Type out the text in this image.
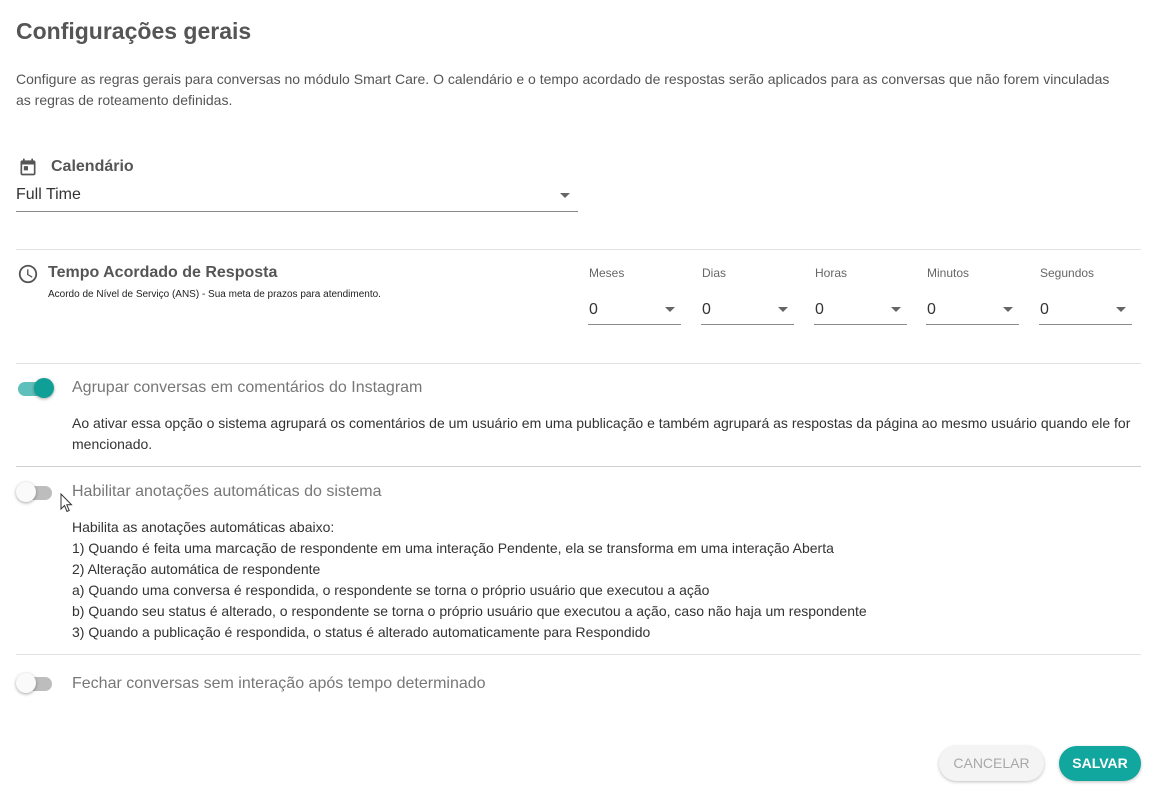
Configurações gerais
Configure as regras gerais para conversas no módulo Smart Care. O calendário e o tempo acordado de respostas serão aplicados para as conversas que não forem vinculadas as regras de roteamento definidas.
Calendário
Full Time
Tempo Acordado de Resposta
Acordo de Nível de Serviço (ANS) - Sua meta de prazos para atendimento.
Meses
0
Dias
0
Horas
0
Minutos
0
Segundos
0
Agrupar conversas em comentários do Instagram
Ao ativar essa opção o sistema agrupará os comentários de um usuário em uma publicação e também agrupará as respostas da página ao mesmo usuário quando ele for mencionado.
Habilitar anotações automáticas do sistema
Habilita as anotações automáticas abaixo:
1) Quando é feita uma marcação de respondente em uma interação Pendente, ela se transforma em uma interação Aberta
2) Alteração automática de respondente
a) Quando uma conversa é respondida, o respondente se torna o próprio usuário que executou a ação
b) Quando seu status é alterado, o respondente se torna o próprio usuário que executou a ação, caso não haja um respondente
3) Quando a publicação é respondida, o status é alterado automaticamente para Respondido
Fechar conversas sem interação após tempo determinado
CANCELAR	SALVAR
